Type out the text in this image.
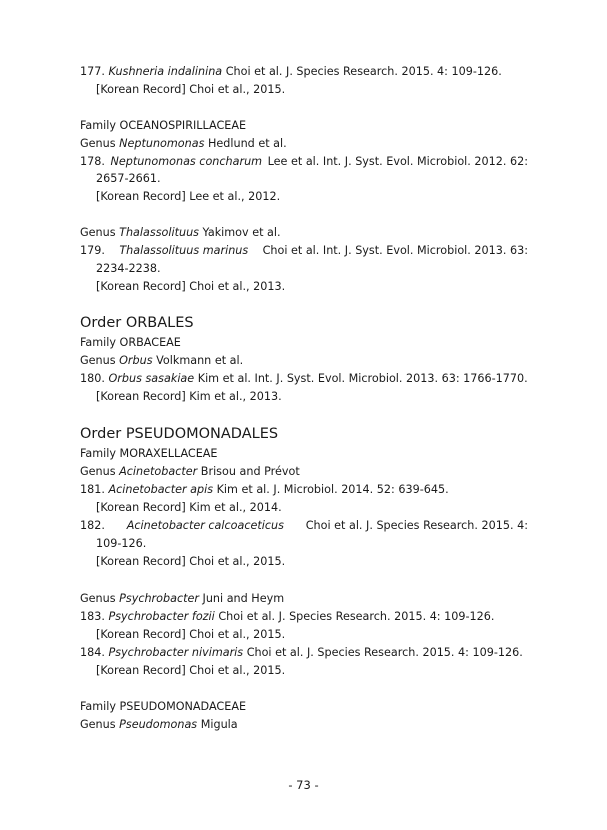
177. Kushneria indalinina Choi et al. J. Species Research. 2015. 4: 109-126.
[Korean Record] Choi et al., 2015.
Family OCEANOSPIRILLACEAE
Genus Neptunomonas Hedlund et al.
178. Neptunomonas concharum Lee et al. Int. J. Syst. Evol. Microbiol. 2012. 62:
2657-2661.
[Korean Record] Lee et al., 2012.
Genus Thalassolituus Yakimov et al.
179. Thalassolituus marinus Choi et al. Int. J. Syst. Evol. Microbiol. 2013. 63:
2234-2238.
[Korean Record] Choi et al., 2013.
Order ORBALES
Family ORBACEAE
Genus Orbus Volkmann et al.
180. Orbus sasakiae Kim et al. Int. J. Syst. Evol. Microbiol. 2013. 63: 1766-1770.
[Korean Record] Kim et al., 2013.
Order PSEUDOMONADALES
Family MORAXELLACEAE
Genus Acinetobacter Brisou and Prévot
181. Acinetobacter apis Kim et al. J. Microbiol. 2014. 52: 639-645.
[Korean Record] Kim et al., 2014.
182. Acinetobacter calcoaceticus Choi et al. J. Species Research. 2015. 4:
109-126.
[Korean Record] Choi et al., 2015.
Genus Psychrobacter Juni and Heym
183. Psychrobacter fozii Choi et al. J. Species Research. 2015. 4: 109-126.
[Korean Record] Choi et al., 2015.
184. Psychrobacter nivimaris Choi et al. J. Species Research. 2015. 4: 109-126.
[Korean Record] Choi et al., 2015.
Family PSEUDOMONADACEAE
Genus Pseudomonas Migula
- 73 -
